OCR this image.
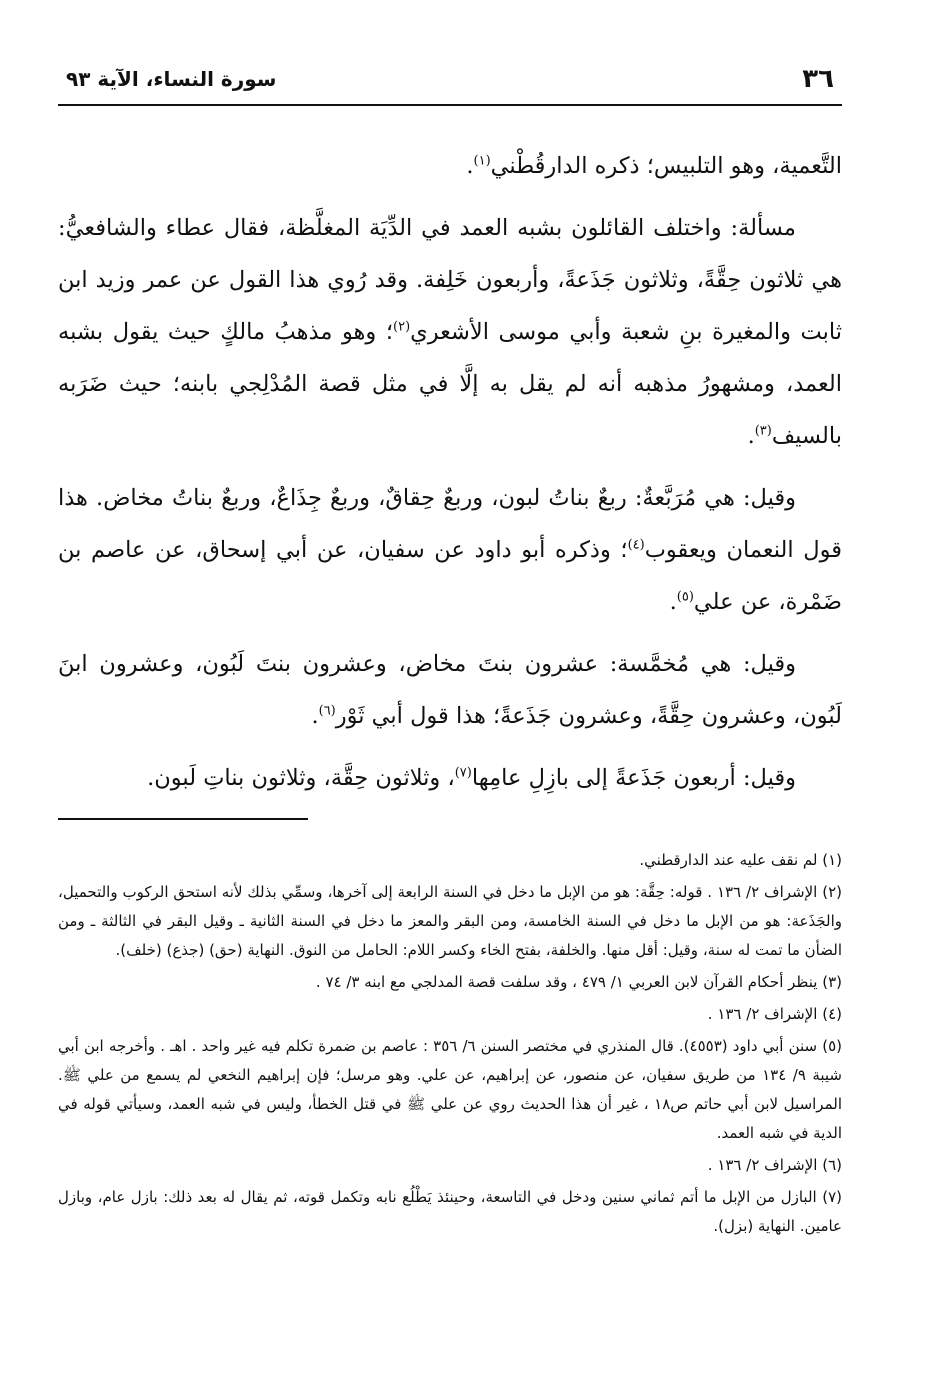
٣٦
سورة النساء، الآية ٩٣

التَّعمية، وهو التلبيس؛ ذكره الدارقُطْني$^{(١)}$.

مسألة: واختلف القائلون بشبه العمد في الدِّيَة المغلَّظة، فقال عطاء والشافعيُّ: هي ثلاثون حِقَّةً، وثلاثون جَذَعةً، وأربعون خَلِفة. وقد رُوي هذا القول عن عمر وزيد ابن ثابت والمغيرة بنِ شعبة وأبي موسى الأشعري$^{(٢)}$؛ وهو مذهبُ مالكٍ حيث يقول بشبه العمد، ومشهورُ مذهبه أنه لم يقل به إلَّا في مثل قصة المُدْلِجي بابنه؛ حيث ضَرَبه بالسيف$^{(٣)}$.

وقيل: هي مُرَبَّعةٌ: ربعٌ بناتُ لبون، وربعٌ حِقاقٌ، وربعٌ جِذَاعٌ، وربعٌ بناتُ مخاض. هذا قول النعمان ويعقوب$^{(٤)}$؛ وذكره أبو داود عن سفيان، عن أبي إسحاق، عن عاصم بن ضَمْرة، عن علي$^{(٥)}$.

وقيل: هي مُخمَّسة: عشرون بنتَ مخاض، وعشرون بنتَ لَبُون، وعشرون ابنَ لَبُون، وعشرون حِقَّةً، وعشرون جَذَعةً؛ هذا قول أبي ثَوْر$^{(٦)}$.

وقيل: أربعون جَذَعةً إلى بازِلِ عامِها$^{(٧)}$، وثلاثون حِقَّة، وثلاثون بناتِ لَبون.

(١) لم نقف عليه عند الدارقطني.

(٢) الإشراف ٢/ ١٣٦ . قوله: حِقَّة: هو من الإبل ما دخل في السنة الرابعة إلى آخرها، وسمِّي بذلك لأنه استحق الركوب والتحميل، والجَذَعة: هو من الإبل ما دخل في السنة الخامسة، ومن البقر والمعز ما دخل في السنة الثانية ـ وقيل البقر في الثالثة ـ ومن الضأن ما تمت له سنة، وقيل: أقل منها. والخلفة، بفتح الخاء وكسر اللام: الحامل من النوق. النهاية (حق) (جذع) (خلف).

(٣) ينظر أحكام القرآن لابن العربي ١/ ٤٧٩ ، وقد سلفت قصة المدلجي مع ابنه ٣/ ٧٤ .

(٤) الإشراف ٢/ ١٣٦ .

(٥) سنن أبي داود (٤٥٥٣). قال المنذري في مختصر السنن ٦/ ٣٥٦ : عاصم بن ضمرة تكلم فيه غير واحد . اهـ . وأخرجه ابن أبي شيبة ٩/ ١٣٤ من طريق سفيان، عن منصور، عن إبراهيم، عن علي. وهو مرسل؛ فإن إبراهيم النخعي لم يسمع من علي ﷺ. المراسيل لابن أبي حاتم ص١٨ ، غير أن هذا الحديث روي عن علي ﷺ في قتل الخطأ، وليس في شبه العمد، وسيأتي قوله في الدية في شبه العمد.

(٦) الإشراف ٢/ ١٣٦ .

(٧) البازل من الإبل ما أتم ثماني سنين ودخل في التاسعة، وحينئذ يَطْلُع نابه وتكمل قوته، ثم يقال له بعد ذلك: بازل عام، وبازل عامين. النهاية (بزل).
